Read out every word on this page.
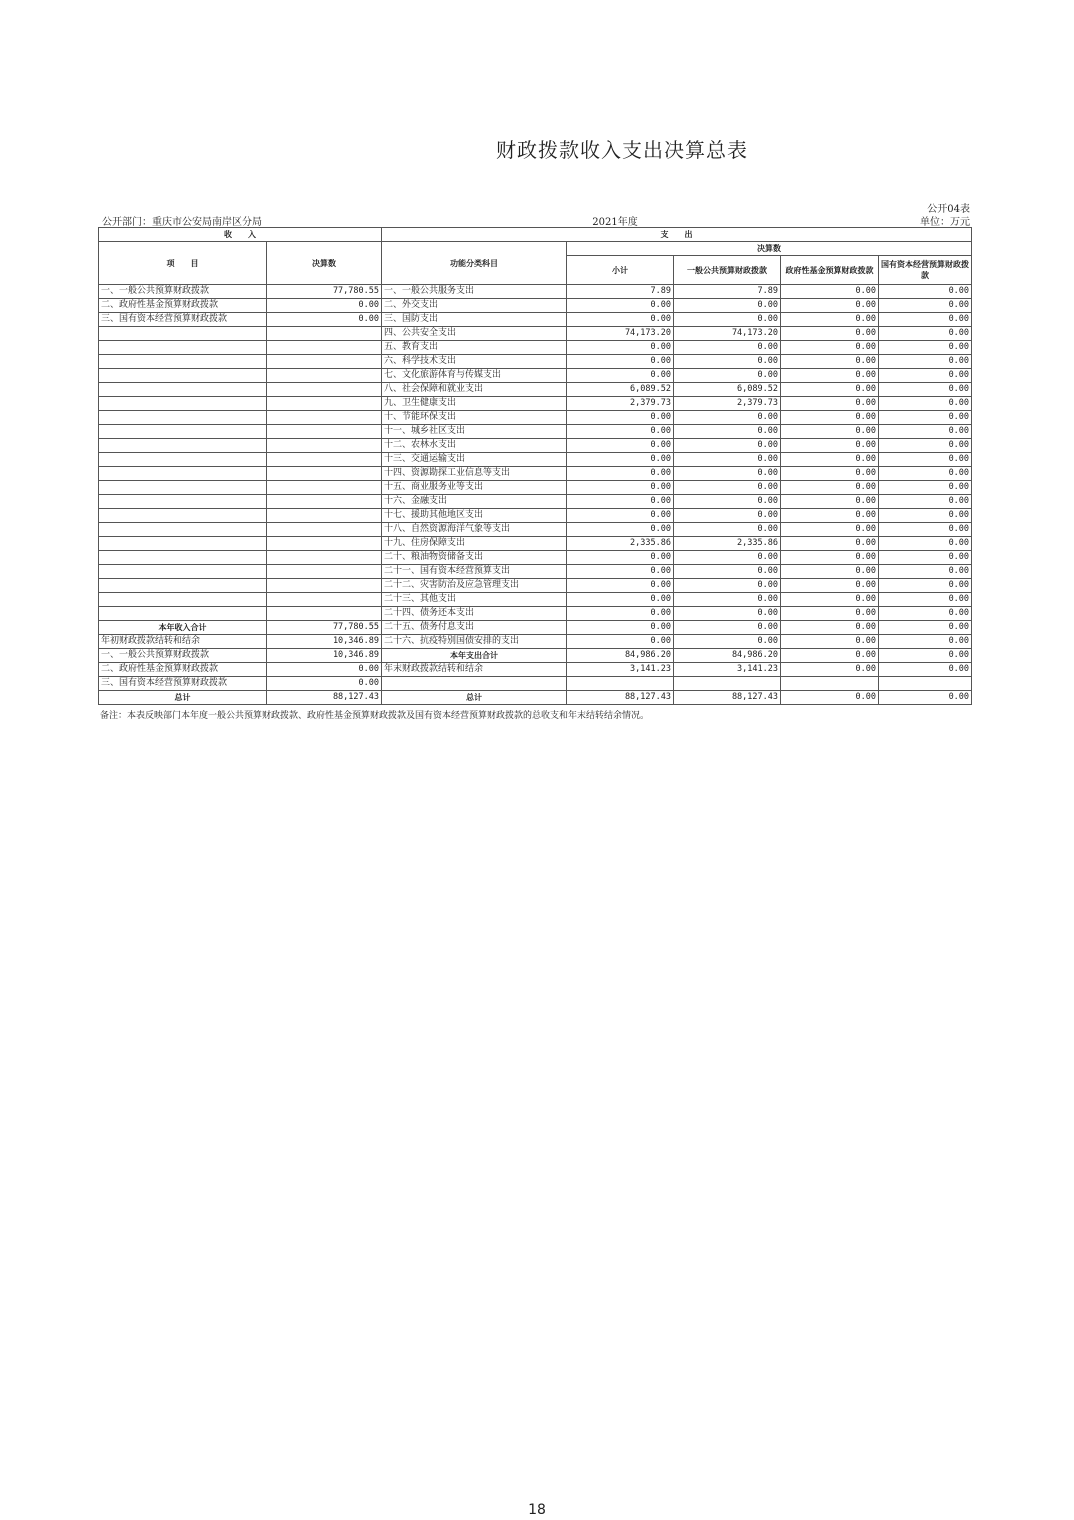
财政拨款收入支出决算总表
公开04表
公开部门：重庆市公安局南岸区分局	2021年度	单位：万元
收　　入		支　　出				
项　　目	决算数	功能分类科目	决算数			
			小计	一般公共预算财政拨款	政府性基金预算财政拨款	国有资本经营预算财政拨款
一、一般公共预算财政拨款	77,780.55	一、一般公共服务支出	7.89	7.89	0.00	0.00
二、政府性基金预算财政拨款	0.00	二、外交支出	0.00	0.00	0.00	0.00
三、国有资本经营预算财政拨款	0.00	三、国防支出	0.00	0.00	0.00	0.00
		四、公共安全支出	74,173.20	74,173.20	0.00	0.00
		五、教育支出	0.00	0.00	0.00	0.00
		六、科学技术支出	0.00	0.00	0.00	0.00
		七、文化旅游体育与传媒支出	0.00	0.00	0.00	0.00
		八、社会保障和就业支出	6,089.52	6,089.52	0.00	0.00
		九、卫生健康支出	2,379.73	2,379.73	0.00	0.00
		十、节能环保支出	0.00	0.00	0.00	0.00
		十一、城乡社区支出	0.00	0.00	0.00	0.00
		十二、农林水支出	0.00	0.00	0.00	0.00
		十三、交通运输支出	0.00	0.00	0.00	0.00
		十四、资源勘探工业信息等支出	0.00	0.00	0.00	0.00
		十五、商业服务业等支出	0.00	0.00	0.00	0.00
		十六、金融支出	0.00	0.00	0.00	0.00
		十七、援助其他地区支出	0.00	0.00	0.00	0.00
		十八、自然资源海洋气象等支出	0.00	0.00	0.00	0.00
		十九、住房保障支出	2,335.86	2,335.86	0.00	0.00
		二十、粮油物资储备支出	0.00	0.00	0.00	0.00
		二十一、国有资本经营预算支出	0.00	0.00	0.00	0.00
		二十二、灾害防治及应急管理支出	0.00	0.00	0.00	0.00
		二十三、其他支出	0.00	0.00	0.00	0.00
		二十四、债务还本支出	0.00	0.00	0.00	0.00
本年收入合计	77,780.55	二十五、债务付息支出	0.00	0.00	0.00	0.00
年初财政拨款结转和结余	10,346.89	二十六、抗疫特别国债安排的支出	0.00	0.00	0.00	0.00
一、一般公共预算财政拨款	10,346.89	本年支出合计	84,986.20	84,986.20	0.00	0.00
二、政府性基金预算财政拨款	0.00	年末财政拨款结转和结余	3,141.23	3,141.23	0.00	0.00
三、国有资本经营预算财政拨款	0.00					
总计	88,127.43	总计	88,127.43	88,127.43	0.00	0.00
备注：本表反映部门本年度一般公共预算财政拨款、政府性基金预算财政拨款及国有资本经营预算财政拨款的总收支和年末结转结余情况。
18
